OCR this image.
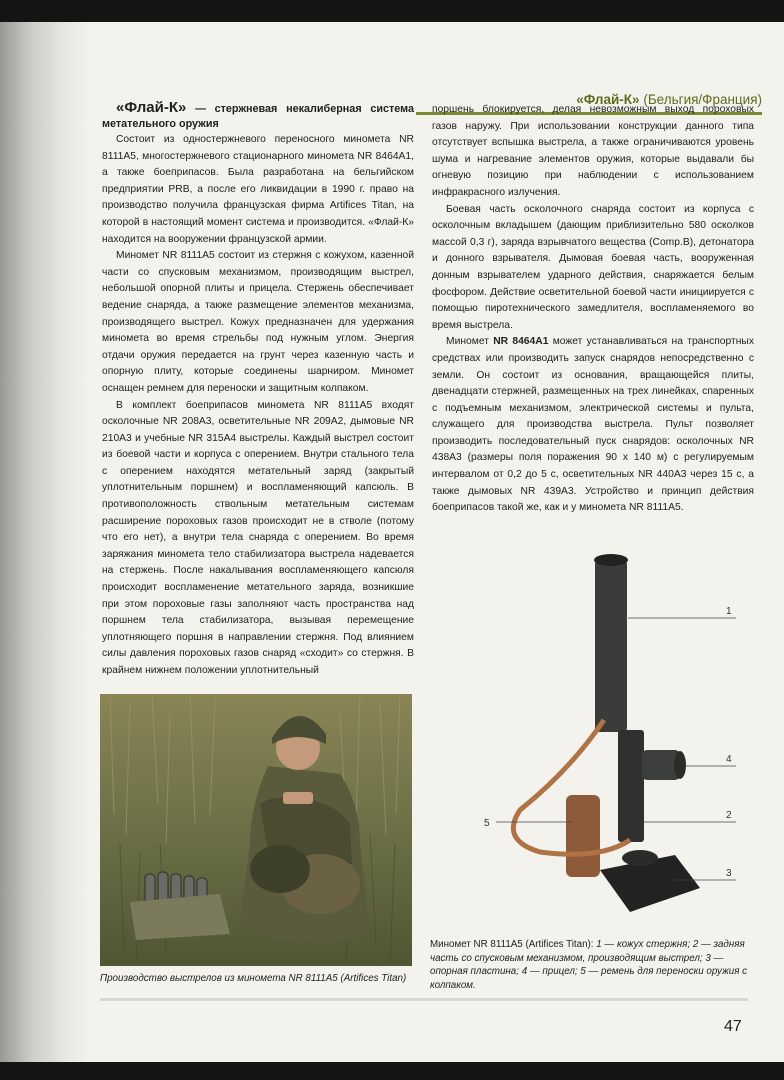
«Флай-К» (Бельгия/Франция)

«Флай-К» — стержневая некалиберная система метательного оружия

Состоит из одностержневого переносного миномета NR 8111A5, многостержневого стационарного миномета NR 8464A1, а также боеприпасов. Была разработана на бельгийском предприятии PRB, а после его ликвидации в 1990 г. право на производство получила французская фирма Artifices Titan, на которой в настоящий момент система и производится. «Флай-К» находится на вооружении французской армии.

Миномет NR 8111A5 состоит из стержня с кожухом, казенной части со спусковым механизмом, производящим выстрел, небольшой опорной плиты и прицела. Стержень обеспечивает ведение снаряда, а также размещение элементов механизма, производящего выстрел. Кожух предназначен для удержания миномета во время стрельбы под нужным углом. Энергия отдачи оружия передается на грунт через казенную часть и опорную плиту, которые соединены шарниром. Миномет оснащен ремнем для переноски и защитным колпаком.

В комплект боеприпасов миномета NR 8111A5 входят осколочные NR 208A3, осветительные NR 209A2, дымовые NR 210A3 и учебные NR 315A4 выстрелы. Каждый выстрел состоит из боевой части и корпуса с оперением. Внутри стального тела с оперением находятся метательный заряд (закрытый уплотнительным поршнем) и воспламеняющий капсюль. В противоположность ствольным метательным системам расширение пороховых газов происходит не в стволе (потому что его нет), а внутри тела снаряда с оперением. Во время заряжания миномета тело стабилизатора выстрела надевается на стержень. После накалывания воспламеняющего капсюля происходит воспламенение метательного заряда, возникшие при этом пороховые газы заполняют часть пространства над поршнем тела стабилизатора, вызывая перемещение уплотняющего поршня в направлении стержня. Под влиянием силы давления пороховых газов снаряд «сходит» со стержня. В крайнем нижнем положении уплотнительный

поршень блокируется, делая невозможным выход пороховых газов наружу. При использовании конструкции данного типа отсутствует вспышка выстрела, а также ограничиваются уровень шума и нагревание элементов оружия, которые выдавали бы огневую позицию при наблюдении с использованием инфракрасного излучения.

Боевая часть осколочного снаряда состоит из корпуса с осколочным вкладышем (дающим приблизительно 580 осколков массой 0,3 г), заряда взрывчатого вещества (Comp.B), детонатора и донного взрывателя. Дымовая боевая часть, вооруженная донным взрывателем ударного действия, снаряжается белым фосфором. Действие осветительной боевой части инициируется с помощью пиротехнического замедлителя, воспламеняемого во время выстрела.

Миномет NR 8464A1 может устанавливаться на транспортных средствах или производить запуск снарядов непосредственно с земли. Он состоит из основания, вращающейся плиты, двенадцати стержней, размещенных на трех линейках, спаренных с подъемным механизмом, электрической системы и пульта, служащего для производства выстрела. Пульт позволяет производить последовательный пуск снарядов: осколочных NR 438A3 (размеры поля поражения 90 х 140 м) с регулируемым интервалом от 0,2 до 5 с, осветительных NR 440A3 через 15 с, а также дымовых NR 439A3. Устройство и принцип действия боеприпасов такой же, как и у миномета NR 8111A5.

Производство выстрелов из миномета NR 8111A5 (Artifices Titan)
1
4
2
3
5
Миномет NR 8111A5 (Artifices Titan): 1 — кожух стержня; 2 — задняя часть со спусковым механизмом, производящим выстрел; 3 — опорная пластина; 4 — прицел; 5 — ремень для переноски оружия с колпаком.
47
